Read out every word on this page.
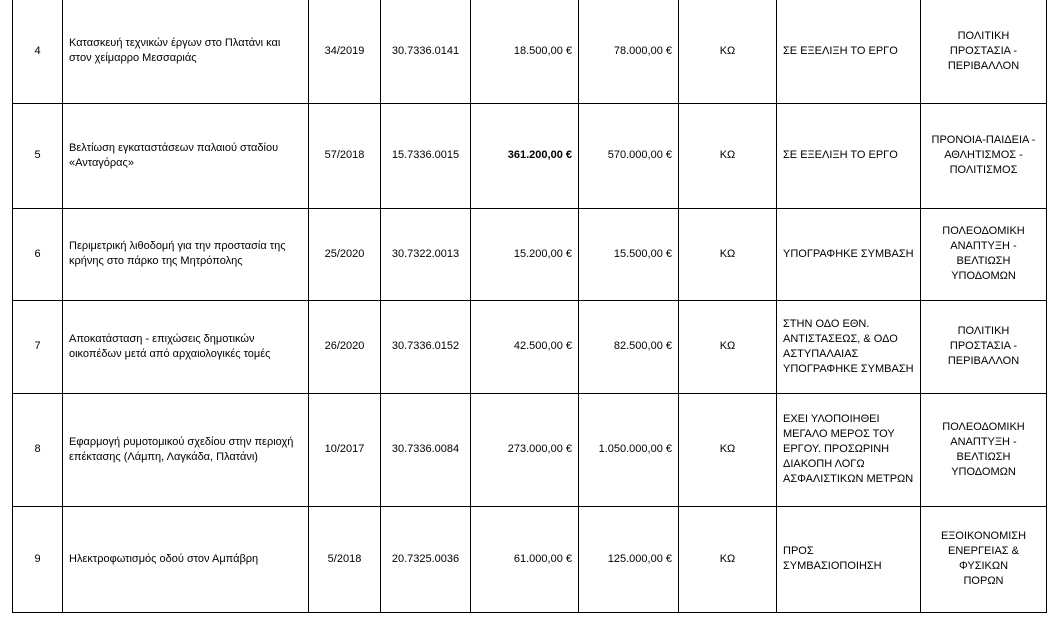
4	Κατασκευή τεχνικών έργων στο Πλατάνι και
στον χείμαρρο Μεσσαριάς	34/2019	30.7336.0141	18.500,00 €	78.000,00 €	ΚΩ	ΣΕ ΕΞΕΛΙΞΗ ΤΟ ΕΡΓΟ	ΠΟΛΙΤΙΚΗ ΠΡΟΣΤΑΣΙΑ -
ΠΕΡΙΒΑΛΛΟΝ

5	Βελτίωση εγκαταστάσεων παλαιού σταδίου
«Ανταγόρας»	57/2018	15.7336.0015	361.200,00 €	570.000,00 €	ΚΩ	ΣΕ ΕΞΕΛΙΞΗ ΤΟ ΕΡΓΟ	ΠΡΟΝΟΙΑ-ΠΑΙΔΕΙΑ -
ΑΘΛΗΤΙΣΜΟΣ -
ΠΟΛΙΤΙΣΜΟΣ

6	Περιμετρική λιθοδομή για την προστασία της
κρήνης στο πάρκο της Μητρόπολης	25/2020	30.7322.0013	15.200,00 €	15.500,00 €	ΚΩ	ΥΠΟΓΡΑΦΗΚΕ ΣΥΜΒΑΣΗ	ΠΟΛΕΟΔΟΜΙΚΗ
ΑΝΑΠΤΥΞΗ - ΒΕΛΤΙΩΣΗ
ΥΠΟΔΟΜΩΝ

7	Αποκατάσταση - επιχώσεις δημοτικών
οικοπέδων μετά από αρχαιολογικές τομές	26/2020	30.7336.0152	42.500,00 €	82.500,00 €	ΚΩ	ΣΤΗΝ ΟΔΟ ΕΘΝ.
ΑΝΤΙΣΤΑΣΕΩΣ, & ΟΔΟ
ΑΣΤΥΠΑΛΑΙΑΣ
ΥΠΟΓΡΑΦΗΚΕ ΣΥΜΒΑΣΗ	ΠΟΛΙΤΙΚΗ ΠΡΟΣΤΑΣΙΑ -
ΠΕΡΙΒΑΛΛΟΝ

8	Εφαρμογή ρυμοτομικού σχεδίου στην περιοχή
επέκτασης (Λάμπη, Λαγκάδα, Πλατάνι)	10/2017	30.7336.0084	273.000,00 €	1.050.000,00 €	ΚΩ	ΕΧΕΙ ΥΛΟΠΟΙΗΘΕΙ
ΜΕΓΑΛΟ ΜΕΡΟΣ ΤΟΥ
ΕΡΓΟΥ. ΠΡΟΣΩΡΙΝΗ
ΔΙΑΚΟΠΗ ΛΟΓΩ
ΑΣΦΑΛΙΣΤΙΚΩΝ ΜΕΤΡΩΝ	ΠΟΛΕΟΔΟΜΙΚΗ
ΑΝΑΠΤΥΞΗ - ΒΕΛΤΙΩΣΗ
ΥΠΟΔΟΜΩΝ

9	Ηλεκτροφωτισμός οδού στον Αμπάβρη	5/2018	20.7325.0036	61.000,00 €	125.000,00 €	ΚΩ	ΠΡΟΣ ΣΥΜΒΑΣΙΟΠΟΙΗΣΗ	ΕΞΟΙΚΟΝΟΜΙΣΗ
ΕΝΕΡΓΕΙΑΣ & ΦΥΣΙΚΩΝ
ΠΟΡΩΝ
